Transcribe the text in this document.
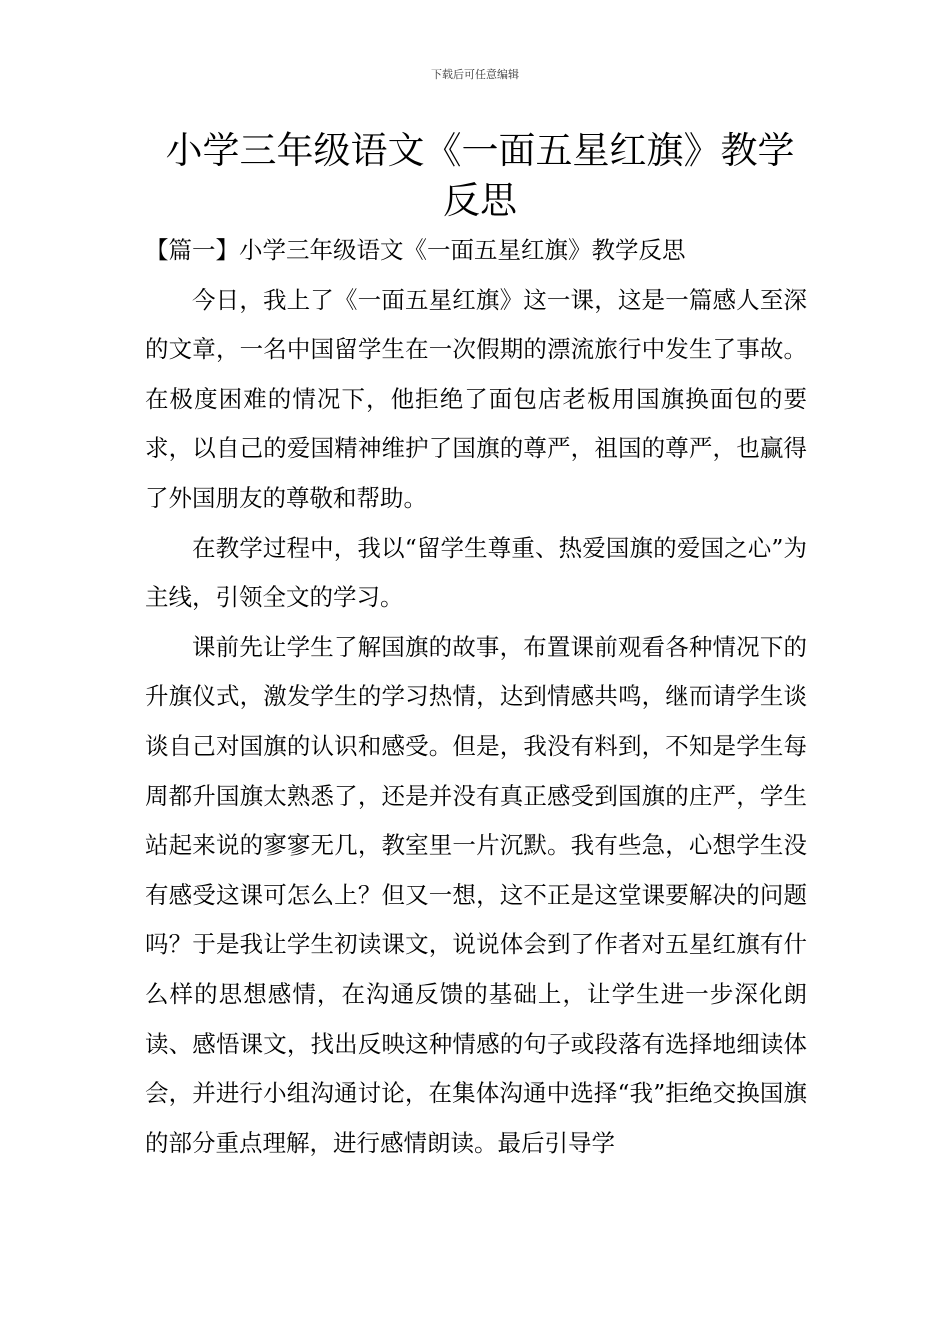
下载后可任意编辑
小学三年级语文《一面五星红旗》教学反思

【篇一】小学三年级语文《一面五星红旗》教学反思

今日，我上了《一面五星红旗》这一课，这是一篇感人至深的文章，一名中国留学生在一次假期的漂流旅行中发生了事故。在极度困难的情况下，他拒绝了面包店老板用国旗换面包的要求，以自己的爱国精神维护了国旗的尊严，祖国的尊严，也赢得了外国朋友的尊敬和帮助。

在教学过程中，我以“留学生尊重、热爱国旗的爱国之心”为主线，引领全文的学习。

课前先让学生了解国旗的故事，布置课前观看各种情况下的升旗仪式，激发学生的学习热情，达到情感共鸣，继而请学生谈谈自己对国旗的认识和感受。但是，我没有料到，不知是学生每周都升国旗太熟悉了，还是并没有真正感受到国旗的庄严，学生站起来说的寥寥无几，教室里一片沉默。我有些急，心想学生没有感受这课可怎么上？但又一想，这不正是这堂课要解决的问题吗？于是我让学生初读课文，说说体会到了作者对五星红旗有什么样的思想感情，在沟通反馈的基础上，让学生进一步深化朗读、感悟课文，找出反映这种情感的句子或段落有选择地细读体会，并进行小组沟通讨论，在集体沟通中选择“我”拒绝交换国旗的部分重点理解，进行感情朗读。最后引导学
